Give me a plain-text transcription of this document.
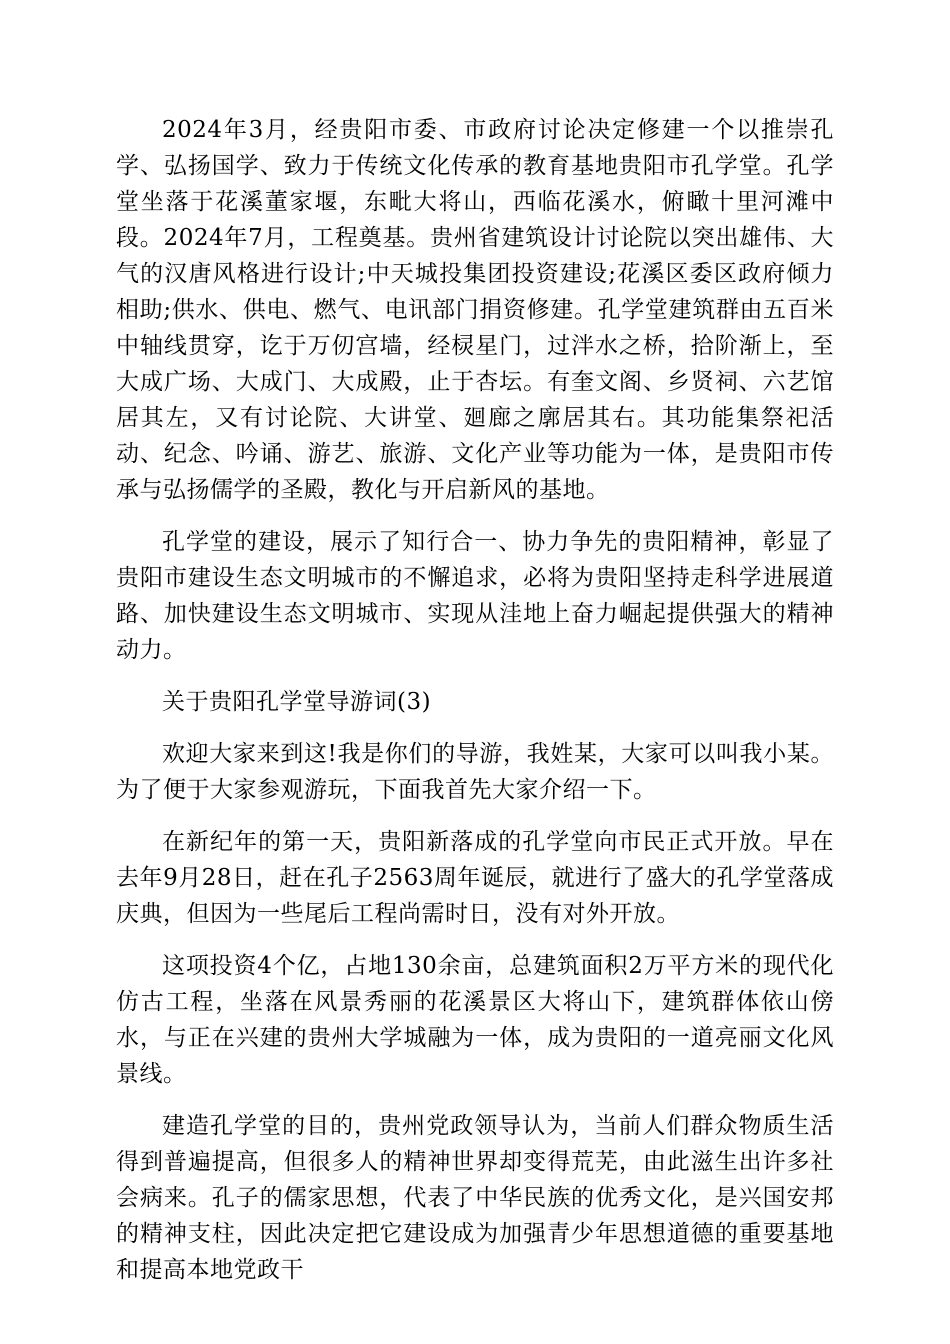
2024年3月，经贵阳市委、市政府讨论决定修建一个以推崇孔学、弘扬国学、致力于传统文化传承的教育基地贵阳市孔学堂。孔学堂坐落于花溪董家堰，东毗大将山，西临花溪水，俯瞰十里河滩中段。2024年7月，工程奠基。贵州省建筑设计讨论院以突出雄伟、大气的汉唐风格进行设计;中天城投集团投资建设;花溪区委区政府倾力相助;供水、供电、燃气、电讯部门捐资修建。孔学堂建筑群由五百米中轴线贯穿，讫于万仞宫墙，经棂星门，过泮水之桥，拾阶渐上，至大成广场、大成门、大成殿，止于杏坛。有奎文阁、乡贤祠、六艺馆居其左，又有讨论院、大讲堂、廻廊之廓居其右。其功能集祭祀活动、纪念、吟诵、游艺、旅游、文化产业等功能为一体，是贵阳市传承与弘扬儒学的圣殿，教化与开启新风的基地。

孔学堂的建设，展示了知行合一、协力争先的贵阳精神，彰显了贵阳市建设生态文明城市的不懈追求，必将为贵阳坚持走科学进展道路、加快建设生态文明城市、实现从洼地上奋力崛起提供强大的精神动力。

关于贵阳孔学堂导游词(3)

欢迎大家来到这!我是你们的导游，我姓某，大家可以叫我小某。为了便于大家参观游玩，下面我首先大家介绍一下。

在新纪年的第一天，贵阳新落成的孔学堂向市民正式开放。早在去年9月28日，赶在孔子2563周年诞辰，就进行了盛大的孔学堂落成庆典，但因为一些尾后工程尚需时日，没有对外开放。

这项投资4个亿，占地130余亩，总建筑面积2万平方米的现代化仿古工程，坐落在风景秀丽的花溪景区大将山下，建筑群体依山傍水，与正在兴建的贵州大学城融为一体，成为贵阳的一道亮丽文化风景线。

建造孔学堂的目的，贵州党政领导认为，当前人们群众物质生活得到普遍提高，但很多人的精神世界却变得荒芜，由此滋生出许多社会病来。孔子的儒家思想，代表了中华民族的优秀文化，是兴国安邦的精神支柱，因此决定把它建设成为加强青少年思想道德的重要基地和提高本地党政干
